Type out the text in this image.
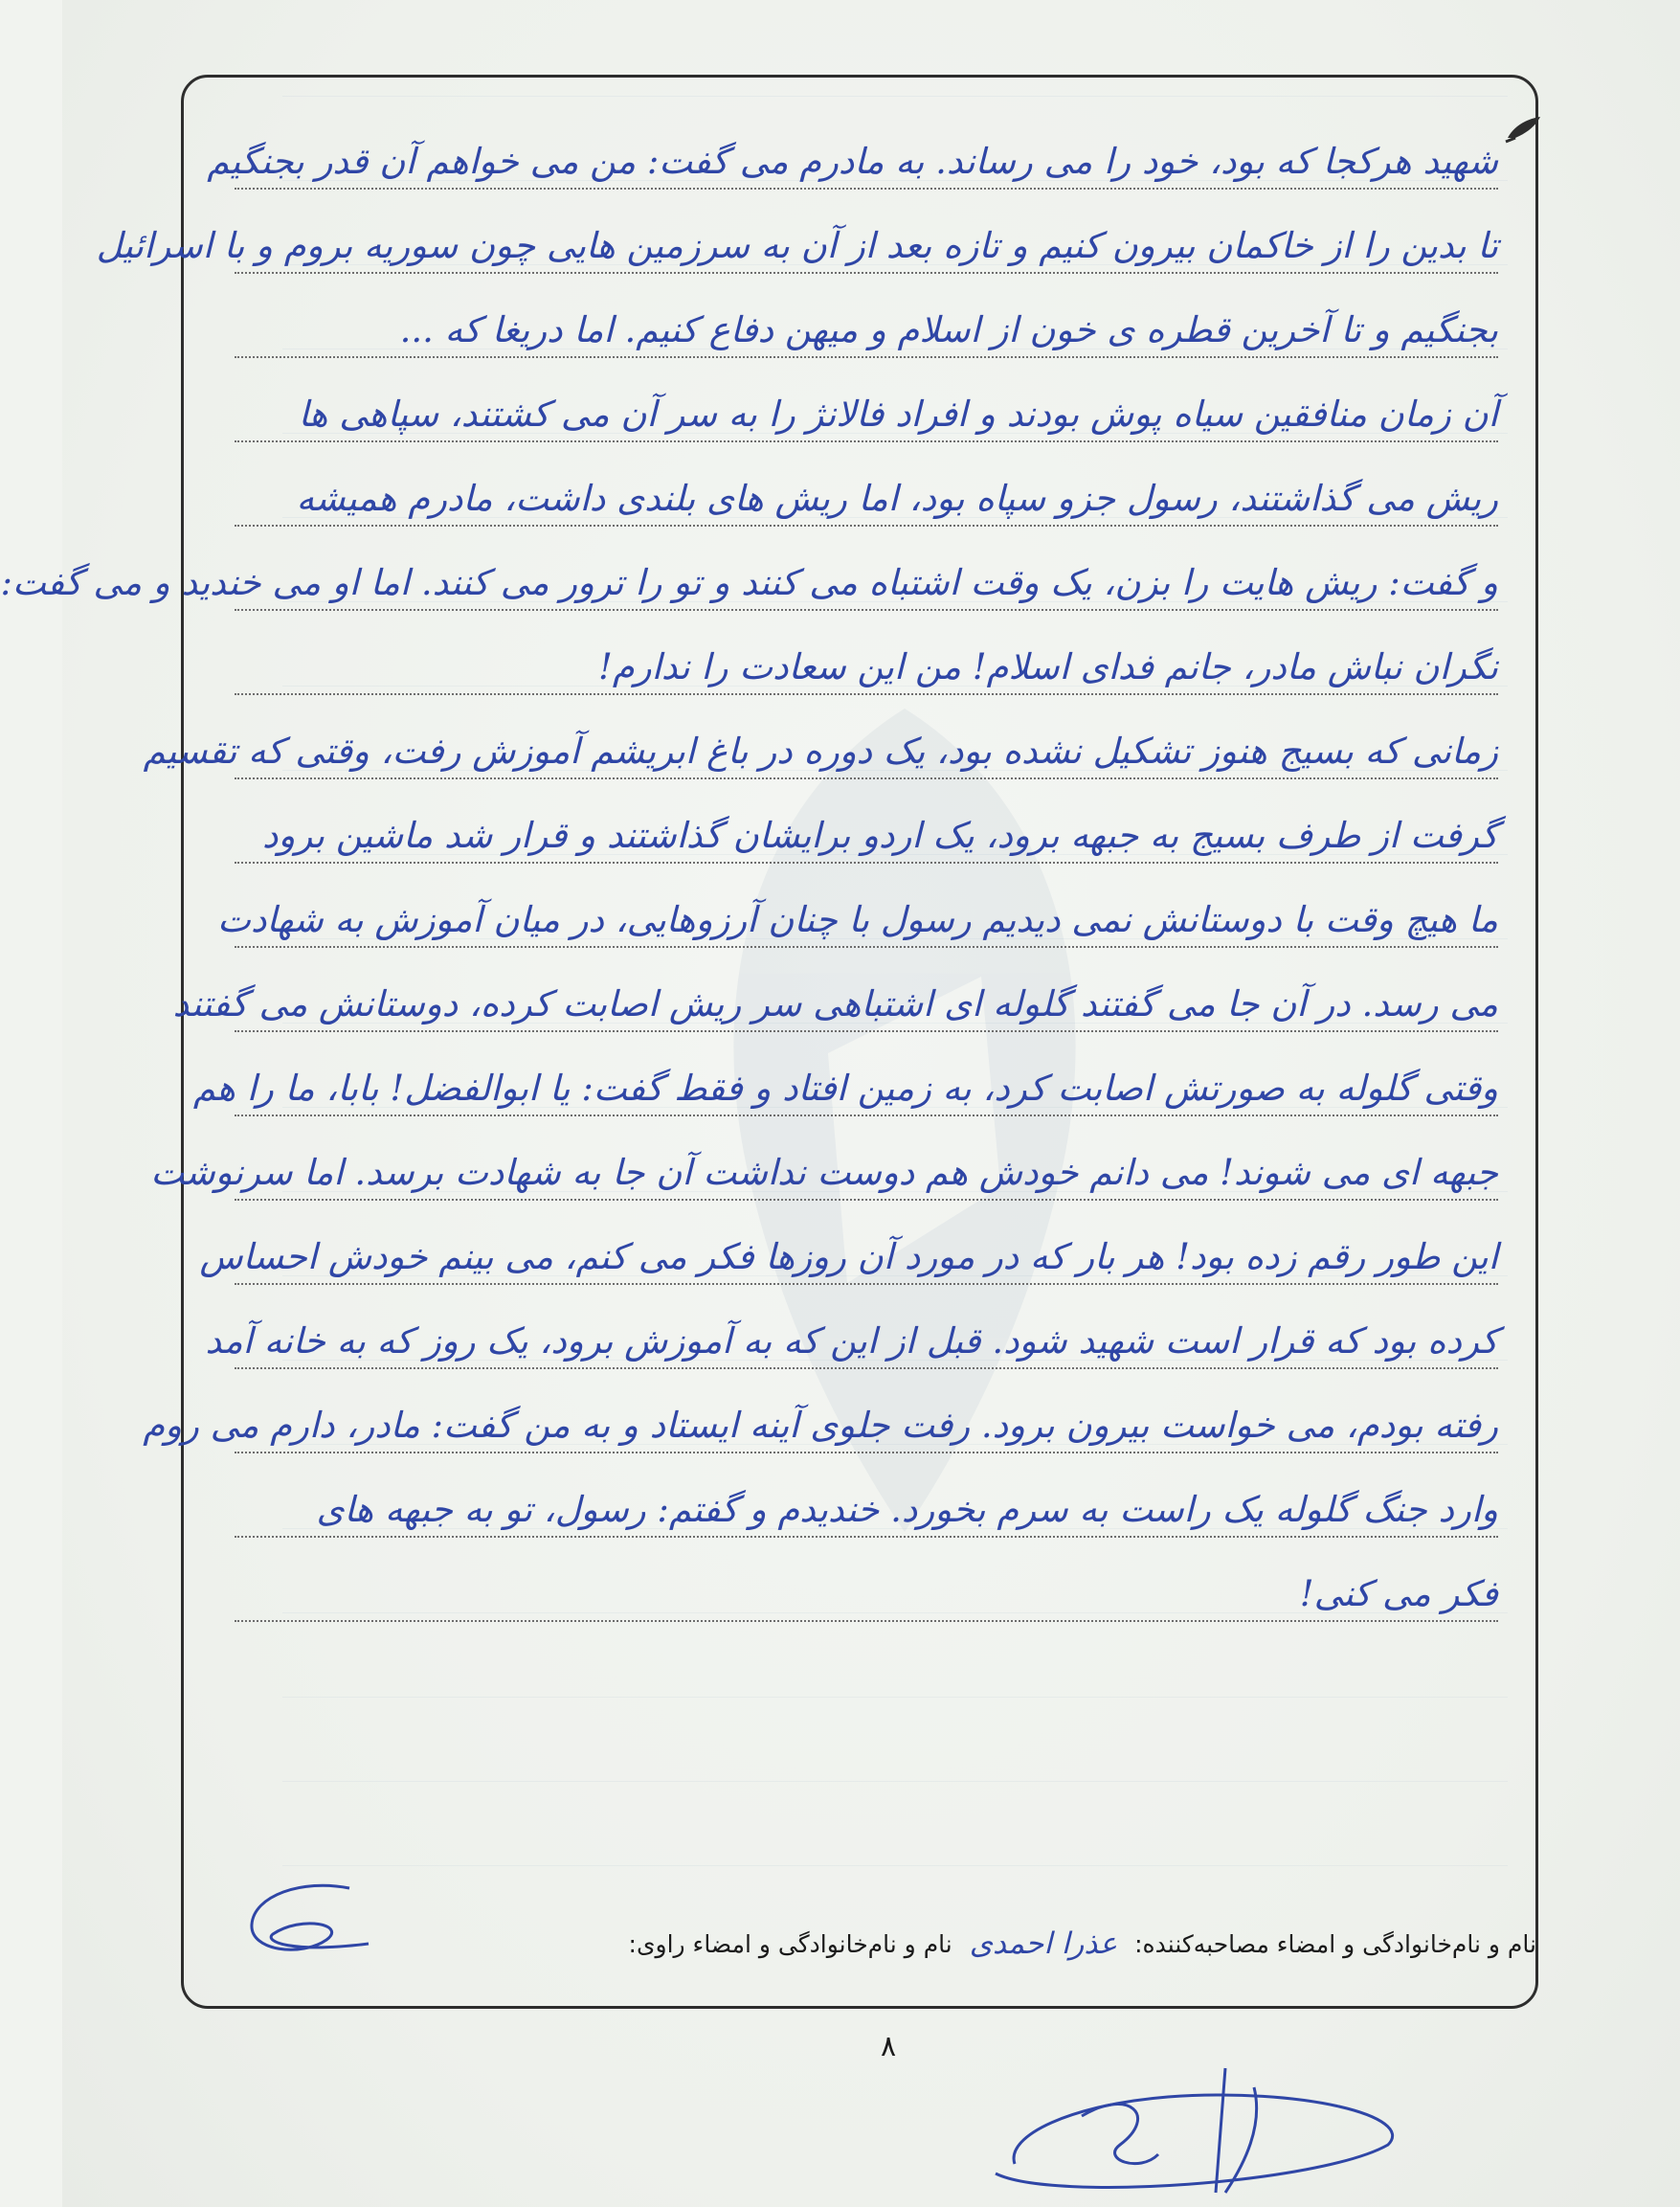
شهید هرکجا که بود، خود را می رساند. به مادرم می گفت: من می خواهم آن قدر بجنگیم
تا بدین را از خاکمان بیرون کنیم و تازه بعد از آن به سرزمین هایی چون سوریه بروم و با اسرائیل
بجنگیم و تا آخرین قطره ی خون از اسلام و میهن دفاع کنیم. اما دریغا که ...
آن زمان منافقین سیاه پوش بودند و افراد فالانژ را به سر آن می کشتند، سپاهی ها
ریش می گذاشتند، رسول جزو سپاه بود، اما ریش های بلندی داشت، مادرم همیشه
و گفت: ریش هایت را بزن، یک وقت اشتباه می کنند و تو را ترور می کنند. اما او می خندید و می گفت:
نگران نباش مادر، جانم فدای اسلام! من این سعادت را ندارم!
زمانی که بسیج هنوز تشکیل نشده بود، یک دوره در باغ ابریشم آموزش رفت، وقتی که تقسیم
گرفت از طرف بسیج به جبهه برود، یک اردو برایشان گذاشتند و قرار شد ماشین برود
ما هیچ وقت با دوستانش نمی دیدیم رسول با چنان آرزوهایی، در میان آموزش به شهادت
می رسد. در آن جا می گفتند گلوله ای اشتباهی سر ریش اصابت کرده، دوستانش می گفتند
وقتی گلوله به صورتش اصابت کرد، به زمین افتاد و فقط گفت: یا ابوالفضل! بابا، ما را هم
جبهه ای می شوند! می دانم خودش هم دوست نداشت آن جا به شهادت برسد. اما سرنوشت
این طور رقم زده بود! هر بار که در مورد آن روزها فکر می کنم، می بینم خودش احساس
کرده بود که قرار است شهید شود. قبل از این که به آموزش برود، یک روز که به خانه آمد
رفته بودم، می خواست بیرون برود. رفت جلوی آینه ایستاد و به من گفت: مادر، دارم می روم
وارد جنگ گلوله یک راست به سرم بخورد. خندیدم و گفتم: رسول، تو به جبهه های
فکر می کنی!
نام و نام‌خانوادگی و امضاء مصاحبه‌کننده: عذرا احمدی نام و نام‌خانوادگی و امضاء راوی:
۸
